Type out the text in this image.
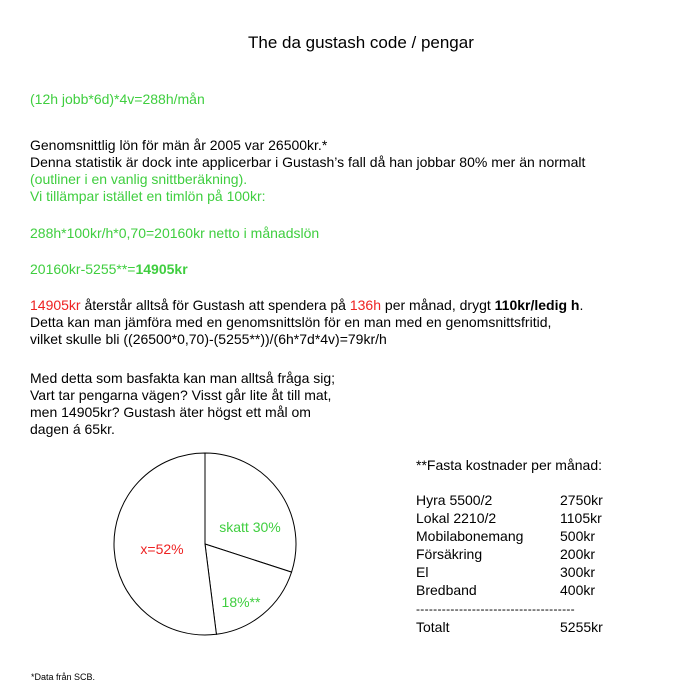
The da gustash code / pengar
(12h jobb*6d)*4v=288h/mån
Genomsnittlig lön för män år 2005 var 26500kr.*
Denna statistik är dock inte applicerbar i Gustash’s fall då han jobbar 80% mer än normalt
(outliner i en vanlig snittberäkning).
Vi tillämpar istället en timlön på 100kr:
288h*100kr/h*0,70=20160kr netto i månadslön
20160kr-5255**=14905kr
14905kr återstår alltså för Gustash att spendera på 136h per månad, drygt 110kr/ledig h.
Detta kan man jämföra med en genomsnittslön för en man med en genomsnittsfritid,
vilket skulle bli ((26500*0,70)-(5255**))/(6h*7d*4v)=79kr/h
Med detta som basfakta kan man alltså fråga sig;
Vart tar pengarna vägen? Visst går lite åt till mat,
men 14905kr? Gustash äter högst ett mål om
dagen á 65kr.
skatt 30%
18%**
x=52%
**Fasta kostnader per månad:
Hyra 5500/2	2750kr
Lokal 2210/2	1105kr
Mobilabonemang	500kr
Försäkring	200kr
El	300kr
Bredband	400kr
-------------------------------------
Totalt	5255kr
*Data från SCB.
